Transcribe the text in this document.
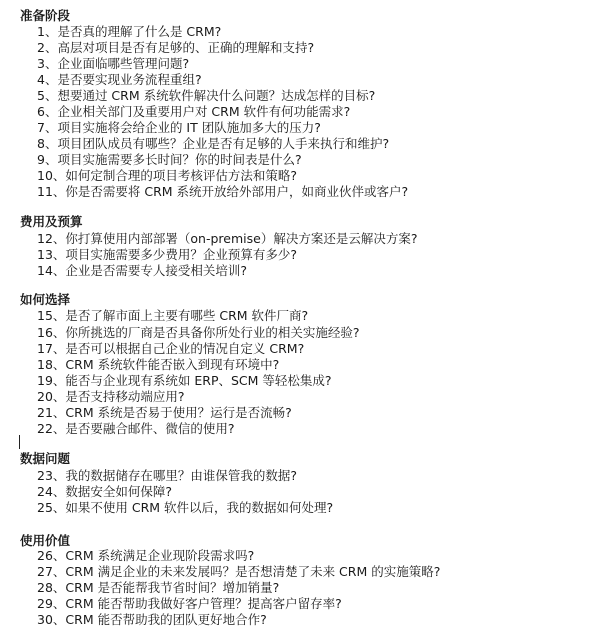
准备阶段
1、是否真的理解了什么是 CRM?
2、高层对项目是否有足够的、正确的理解和支持?
3、企业面临哪些管理问题?
4、是否要实现业务流程重组?
5、想要通过 CRM 系统软件解决什么问题？达成怎样的目标?
6、企业相关部门及重要用户对 CRM 软件有何功能需求?
7、项目实施将会给企业的 IT 团队施加多大的压力?
8、项目团队成员有哪些？企业是否有足够的人手来执行和维护?
9、项目实施需要多长时间？你的时间表是什么?
10、如何定制合理的项目考核评估方法和策略?
11、你是否需要将 CRM 系统开放给外部用户，如商业伙伴或客户?
费用及预算
12、你打算使用内部部署（on-premise）解决方案还是云解决方案?
13、项目实施需要多少费用？企业预算有多少?
14、企业是否需要专人接受相关培训?
如何选择
15、是否了解市面上主要有哪些 CRM 软件厂商?
16、你所挑选的厂商是否具备你所处行业的相关实施经验?
17、是否可以根据自己企业的情况自定义 CRM?
18、CRM 系统软件能否嵌入到现有环境中?
19、能否与企业现有系统如 ERP、SCM 等轻松集成?
20、是否支持移动端应用?
21、CRM 系统是否易于使用？运行是否流畅?
22、是否要融合邮件、微信的使用?
数据问题
23、我的数据储存在哪里？由谁保管我的数据?
24、数据安全如何保障?
25、如果不使用 CRM 软件以后，我的数据如何处理?
使用价值
26、CRM 系统满足企业现阶段需求吗?
27、CRM 满足企业的未来发展吗？是否想清楚了未来 CRM 的实施策略?
28、CRM 是否能帮我节省时间？增加销量?
29、CRM 能否帮助我做好客户管理？提高客户留存率?
30、CRM 能否帮助我的团队更好地合作?
